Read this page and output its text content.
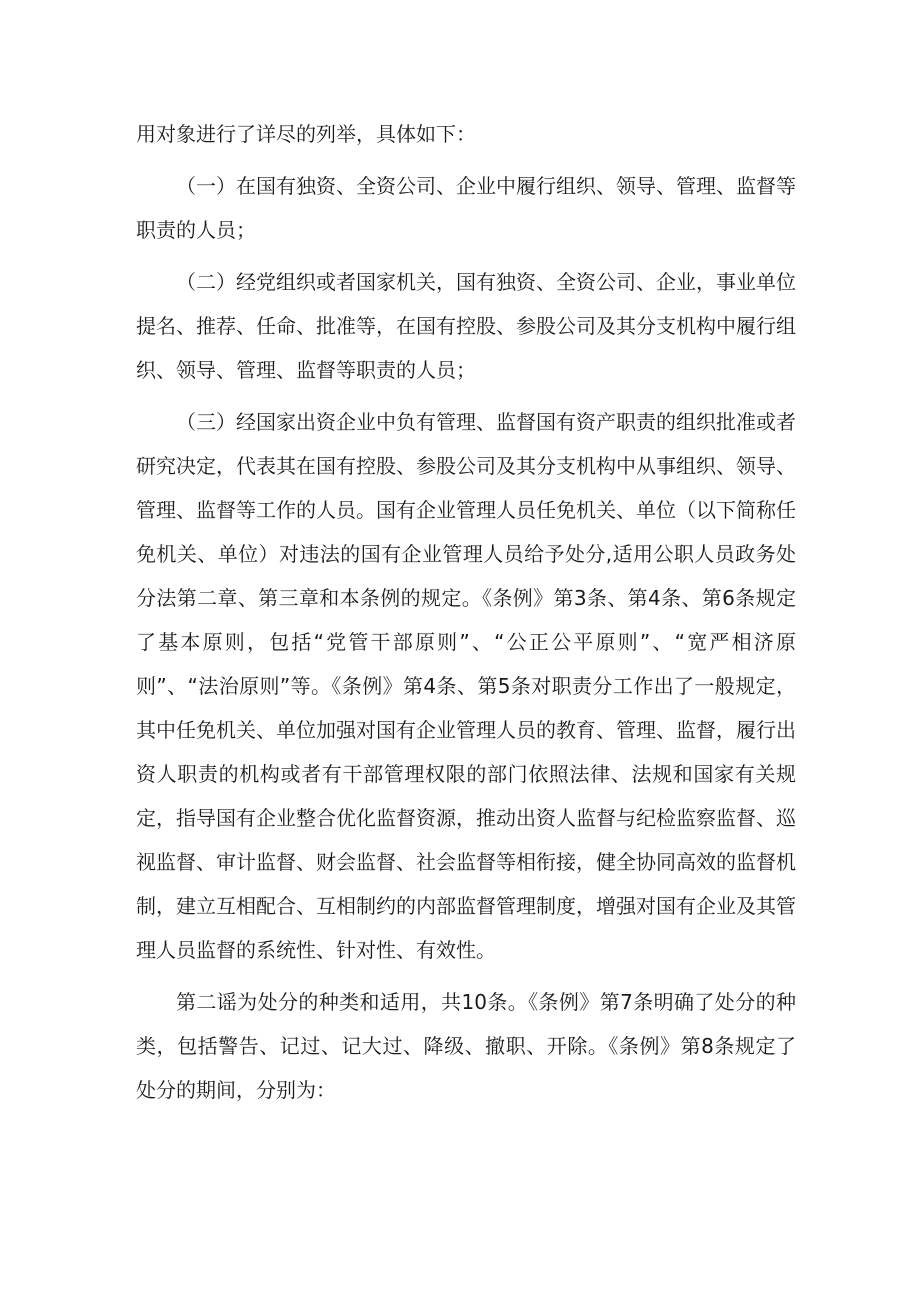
用对象进行了详尽的列举，具体如下：

（一）在国有独资、全资公司、企业中履行组织、领导、管理、监督等职责的人员；

（二）经党组织或者国家机关，国有独资、全资公司、企业，事业单位提名、推荐、任命、批准等，在国有控股、参股公司及其分支机构中履行组织、领导、管理、监督等职责的人员；

（三）经国家出资企业中负有管理、监督国有资产职责的组织批准或者研究决定，代表其在国有控股、参股公司及其分支机构中从事组织、领导、管理、监督等工作的人员。国有企业管理人员任免机关、单位（以下简称任免机关、单位）对违法的国有企业管理人员给予处分,适用公职人员政务处分法第二章、第三章和本条例的规定。《条例》第3条、第4条、第6条规定了基本原则，包括“党管干部原则”、“公正公平原则”、“宽严相济原则”、“法治原则”等。《条例》第4条、第5条对职责分工作出了一般规定，其中任免机关、单位加强对国有企业管理人员的教育、管理、监督，履行出资人职责的机构或者有干部管理权限的部门依照法律、法规和国家有关规定，指导国有企业整合优化监督资源，推动出资人监督与纪检监察监督、巡视监督、审计监督、财会监督、社会监督等相衔接，健全协同高效的监督机制，建立互相配合、互相制约的内部监督管理制度，增强对国有企业及其管理人员监督的系统性、针对性、有效性。

第二谣为处分的种类和适用，共10条。《条例》第7条明确了处分的种类，包括警告、记过、记大过、降级、撤职、开除。《条例》第8条规定了处分的期间，分别为：
